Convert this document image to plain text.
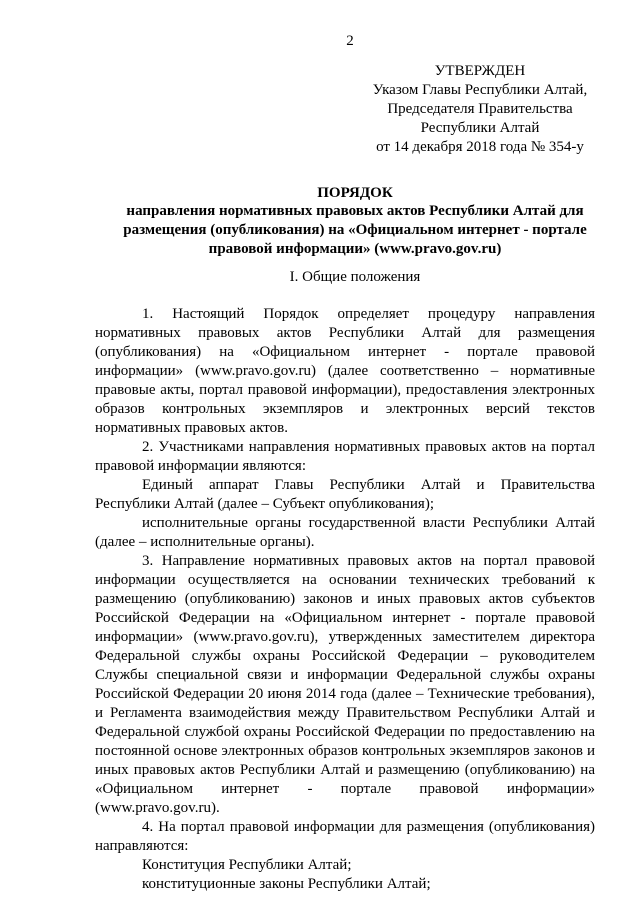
2
УТВЕРЖДЕН
Указом Главы Республики Алтай,
Председателя Правительства
Республики Алтай
от 14 декабря 2018 года № 354-у
ПОРЯДОК
направления нормативных правовых актов Республики Алтай для размещения (опубликования) на «Официальном интернет - портале правовой информации» (www.pravo.gov.ru)
I. Общие положения

1. Настоящий Порядок определяет процедуру направления нормативных правовых актов Республики Алтай для размещения (опубликования) на «Официальном интернет - портале правовой информации» (www.pravo.gov.ru) (далее соответственно – нормативные правовые акты, портал правовой информации), предоставления электронных образов контрольных экземпляров и электронных версий текстов нормативных правовых актов.

2. Участниками направления нормативных правовых актов на портал правовой информации являются:

Единый аппарат Главы Республики Алтай и Правительства Республики Алтай (далее – Субъект опубликования);

исполнительные органы государственной власти Республики Алтай (далее – исполнительные органы).

3. Направление нормативных правовых актов на портал правовой информации осуществляется на основании технических требований к размещению (опубликованию) законов и иных правовых актов субъектов Российской Федерации на «Официальном интернет - портале правовой информации» (www.pravo.gov.ru), утвержденных заместителем директора Федеральной службы охраны Российской Федерации – руководителем Службы специальной связи и информации Федеральной службы охраны Российской Федерации 20 июня 2014 года (далее – Технические требования), и Регламента взаимодействия между Правительством Республики Алтай и Федеральной службой охраны Российской Федерации по предоставлению на постоянной основе электронных образов контрольных экземпляров законов и иных правовых актов Республики Алтай и размещению (опубликованию) на «Официальном интернет - портале правовой информации» (www.pravo.gov.ru).

4. На портал правовой информации для размещения (опубликования) направляются:

Конституция Республики Алтай;

конституционные законы Республики Алтай;
